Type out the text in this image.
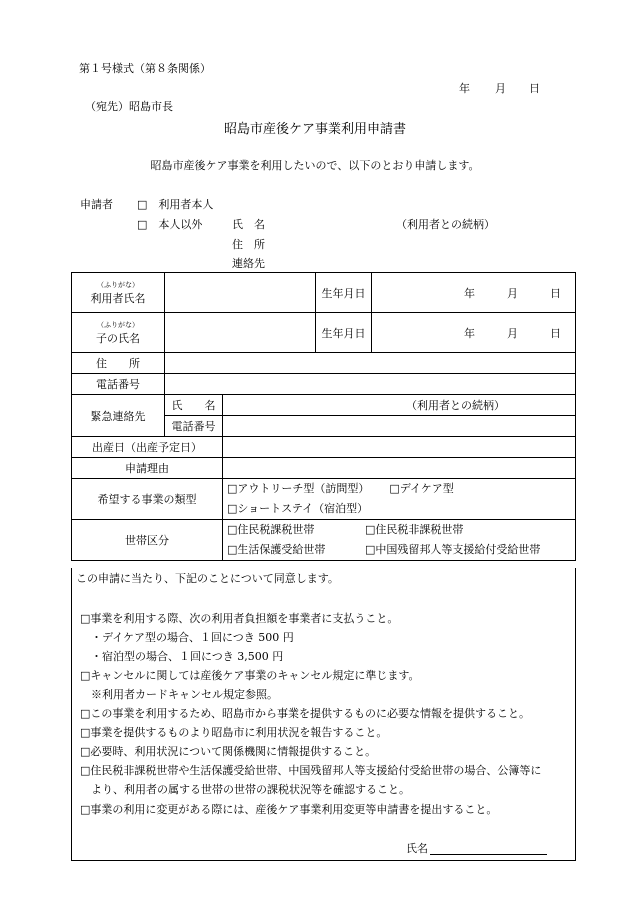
第１号様式（第８条関係）
年 月 日
（宛先）昭島市長
昭島市産後ケア事業利用申請書
昭島市産後ケア事業を利用したいので、以下のとおり申請します。
申請者 □　利用者本人
□　本人以外	氏　名	（利用者との続柄）
住　所
連絡先
（ふりがな）
利用者氏名			生年月日	年 月 日

（ふりがな）
子の氏名			生年月日	年 月 日
住　　所				
電話番号				
緊急連絡先	氏　　名	（利用者との続柄）		
	電話番号			
出産日（出産予定日）				
申請理由				
希望する事業の類型		□アウトリーチ型（訪問型） □デイケア型
□ショートステイ（宿泊型）		
世帯区分		□住民税課税世帯 □住民税非課税世帯
□生活保護受給世帯 □中国残留邦人等支援給付受給世帯		
この申請に当たり、下記のことについて同意します。
□事業を利用する際、次の利用者負担額を事業者に支払うこと。
　・デイケア型の場合、１回につき 500 円
　・宿泊型の場合、１回につき 3,500 円
□キャンセルに関しては産後ケア事業のキャンセル規定に準じます。
　※利用者カードキャンセル規定参照。
□この事業を利用するため、昭島市から事業を提供するものに必要な情報を提供すること。
□事業を提供するものより昭島市に利用状況を報告すること。
□必要時、利用状況について関係機関に情報提供すること。
□住民税非課税世帯や生活保護受給世帯、中国残留邦人等支援給付受給世帯の場合、公簿等に
　より、利用者の属する世帯の世帯の課税状況等を確認すること。
□事業の利用に変更がある際には、産後ケア事業利用変更等申請書を提出すること。
氏名
